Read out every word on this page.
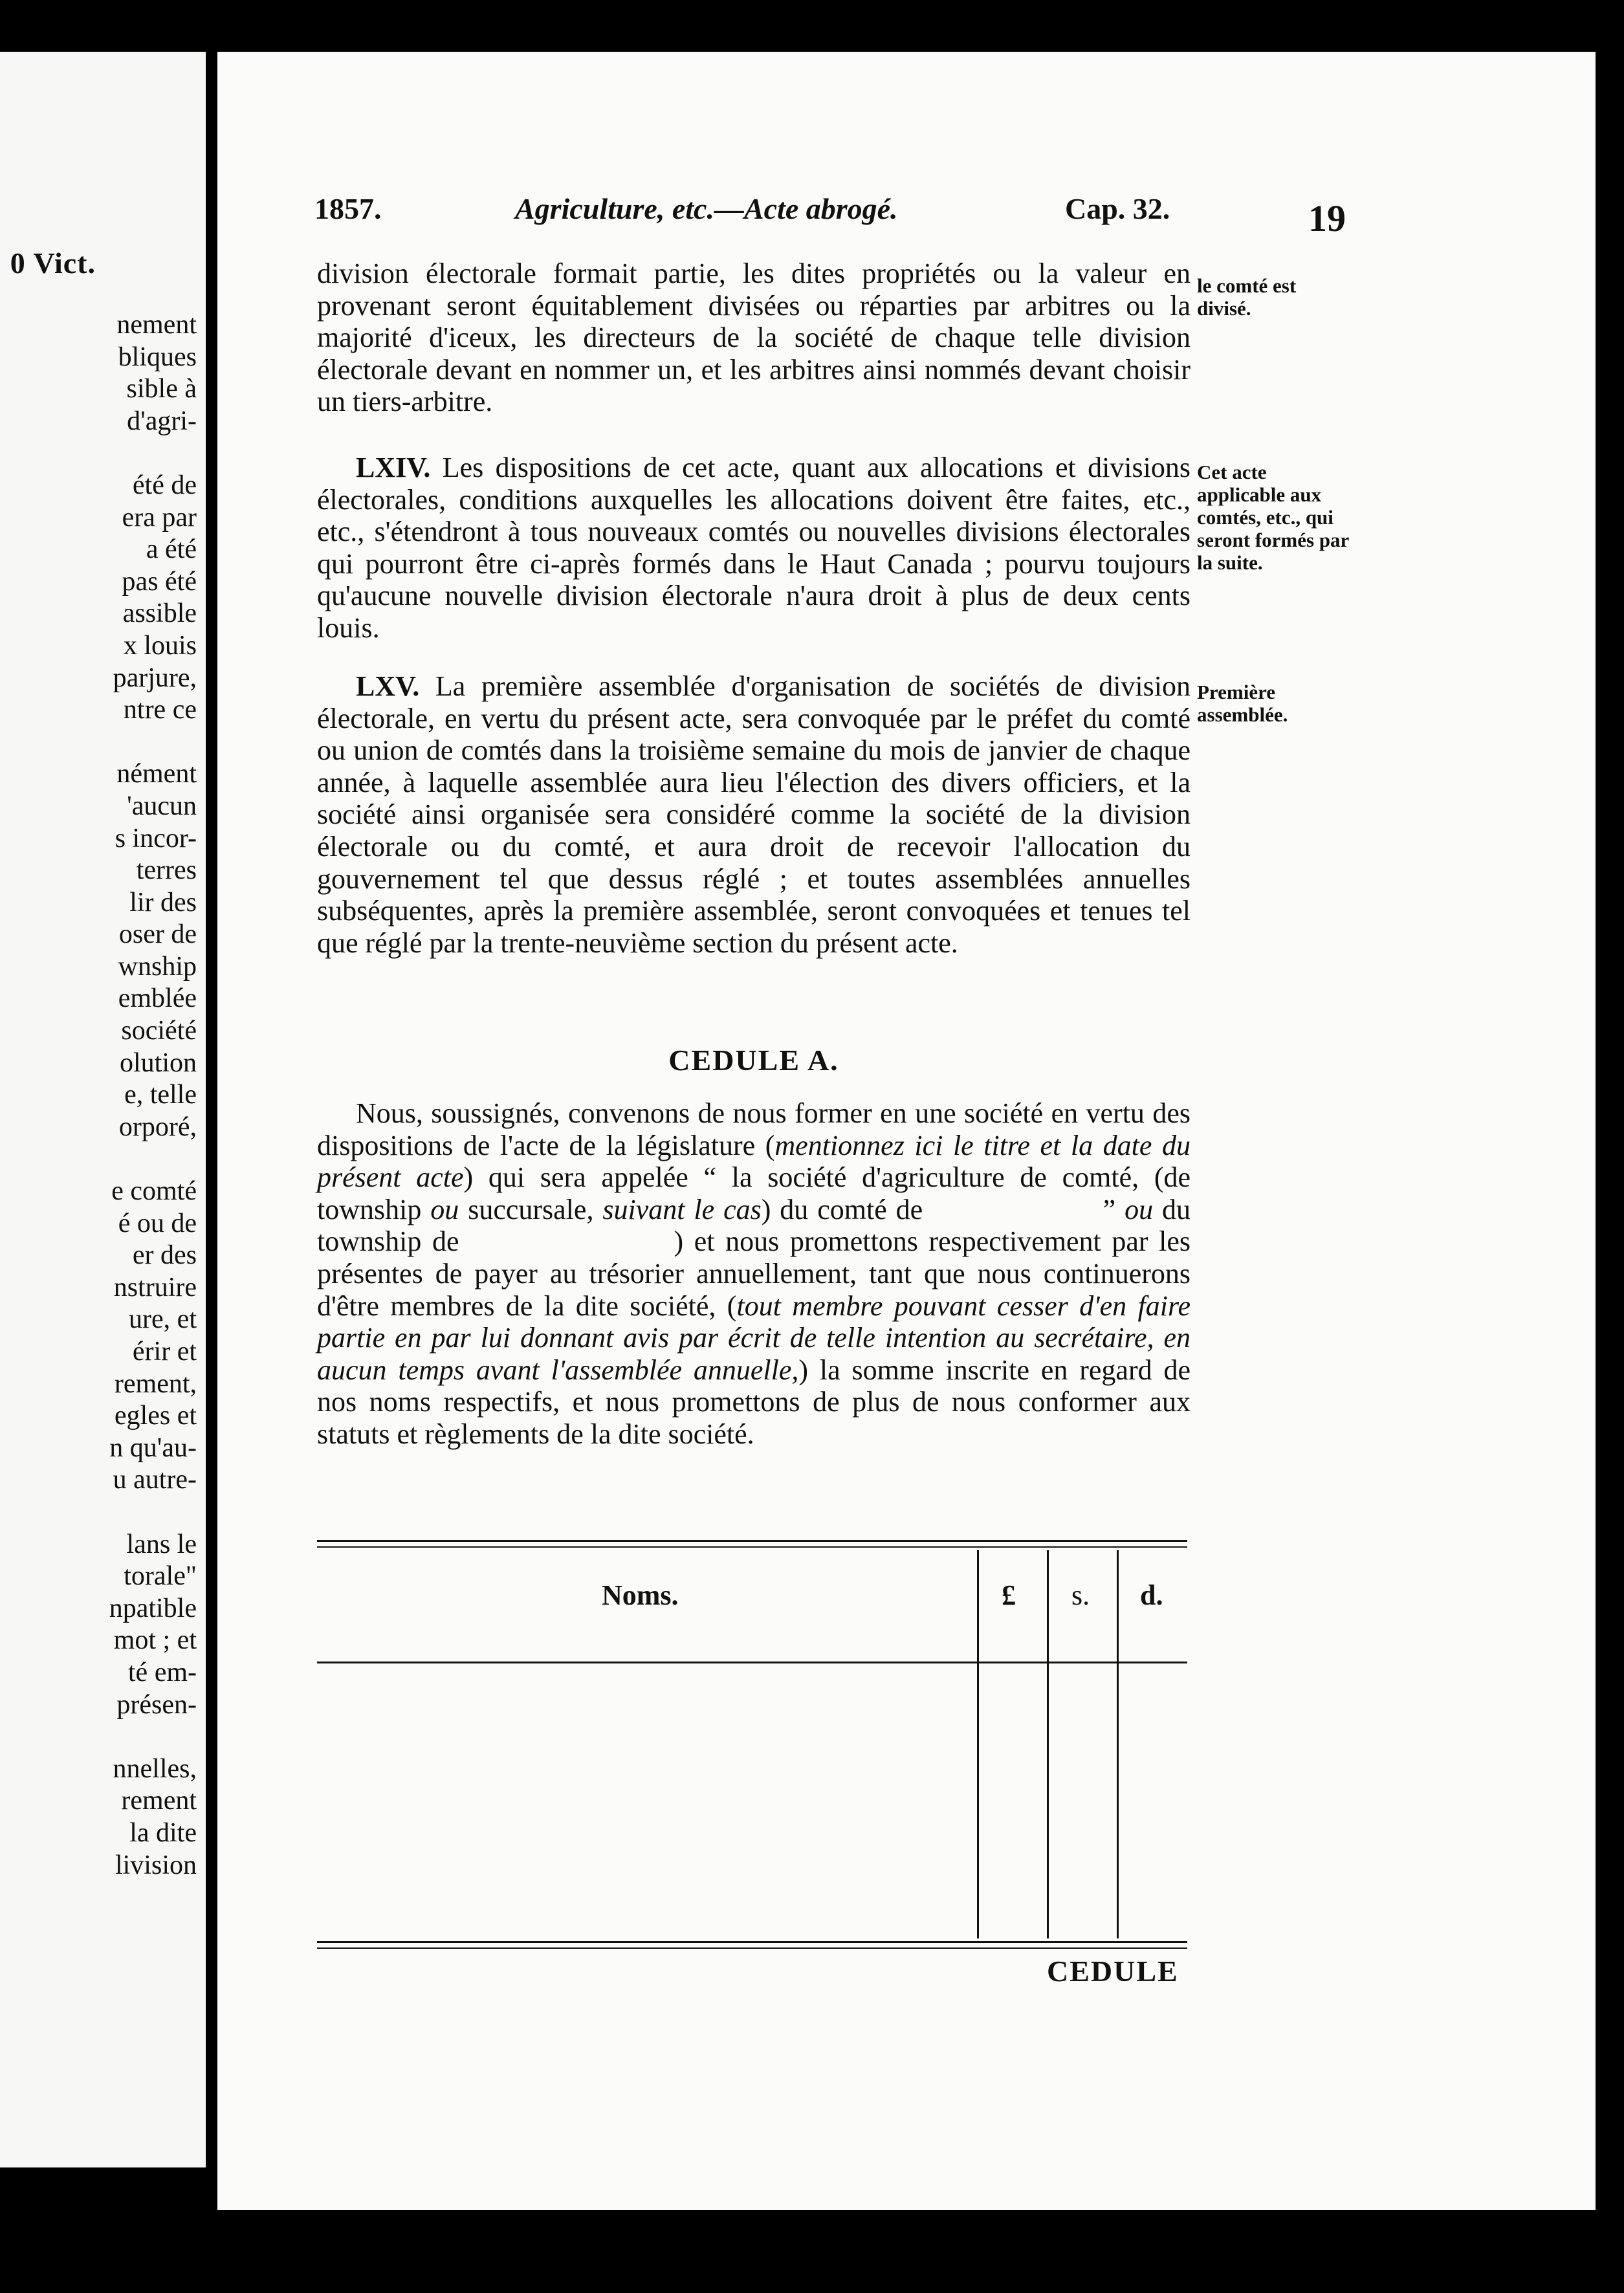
0 Vict.
nement
bliques
sible à
d'agri-
été de
era par
a été
pas été
assible
x louis
parjure,
ntre ce
nément
'aucun
s incor-
terres
lir des
oser de
wnship
emblée
société
olution
e, telle
orporé,
e comté
é ou de
er des
nstruire
ure, et
érir et
rement,
egles et
n qu'au-
u autre-
lans le
torale"
npatible
mot ; et
té em-
présen-
nnelles,
rement
la dite
livision
1857.	Agriculture, etc.—Acte abrogé.	Cap. 32.	19

division électorale formait partie, les dites propriétés ou la valeur en provenant seront équitablement divisées ou réparties par arbitres ou la majorité d'iceux, les directeurs de la société de chaque telle division électorale devant en nommer un, et les arbitres ainsi nommés devant choisir un tiers-arbitre.

le comté est divisé.

LXIV. Les dispositions de cet acte, quant aux allocations et divisions électorales, conditions auxquelles les allocations doivent être faites, etc., etc., s'étendront à tous nouveaux comtés ou nouvelles divisions électorales qui pourront être ci-après formés dans le Haut Canada ; pourvu toujours qu'aucune nouvelle division électorale n'aura droit à plus de deux cents louis.

Cet acte applicable aux comtés, etc., qui seront formés par la suite.

LXV. La première assemblée d'organisation de sociétés de division électorale, en vertu du présent acte, sera convoquée par le préfet du comté ou union de comtés dans la troisième semaine du mois de janvier de chaque année, à laquelle assemblée aura lieu l'élection des divers officiers, et la société ainsi organisée sera considéré comme la société de la division électorale ou du comté, et aura droit de recevoir l'allocation du gouvernement tel que dessus réglé ; et toutes assemblées annuelles subséquentes, après la première assemblée, seront convoquées et tenues tel que réglé par la trente-neuvième section du présent acte.

Première assemblée.
CEDULE A.

Nous, soussignés, convenons de nous former en une société en vertu des dispositions de l'acte de la législature (mentionnez ici le titre et la date du présent acte) qui sera appelée “ la société d'agriculture de comté, (de township ou succursale, suivant le cas) du comté de                    ” ou du township de                    ) et nous promettons respectivement par les présentes de payer au trésorier annuellement, tant que nous continuerons d'être membres de la dite société, (tout membre pouvant cesser d'en faire partie en par lui donnant avis par écrit de telle intention au secrétaire, en aucun temps avant l'assemblée annuelle,) la somme inscrite en regard de nos noms respectifs, et nous promettons de plus de nous conformer aux statuts et règlements de la dite société.

Noms.	£ s. d.
CEDULE
